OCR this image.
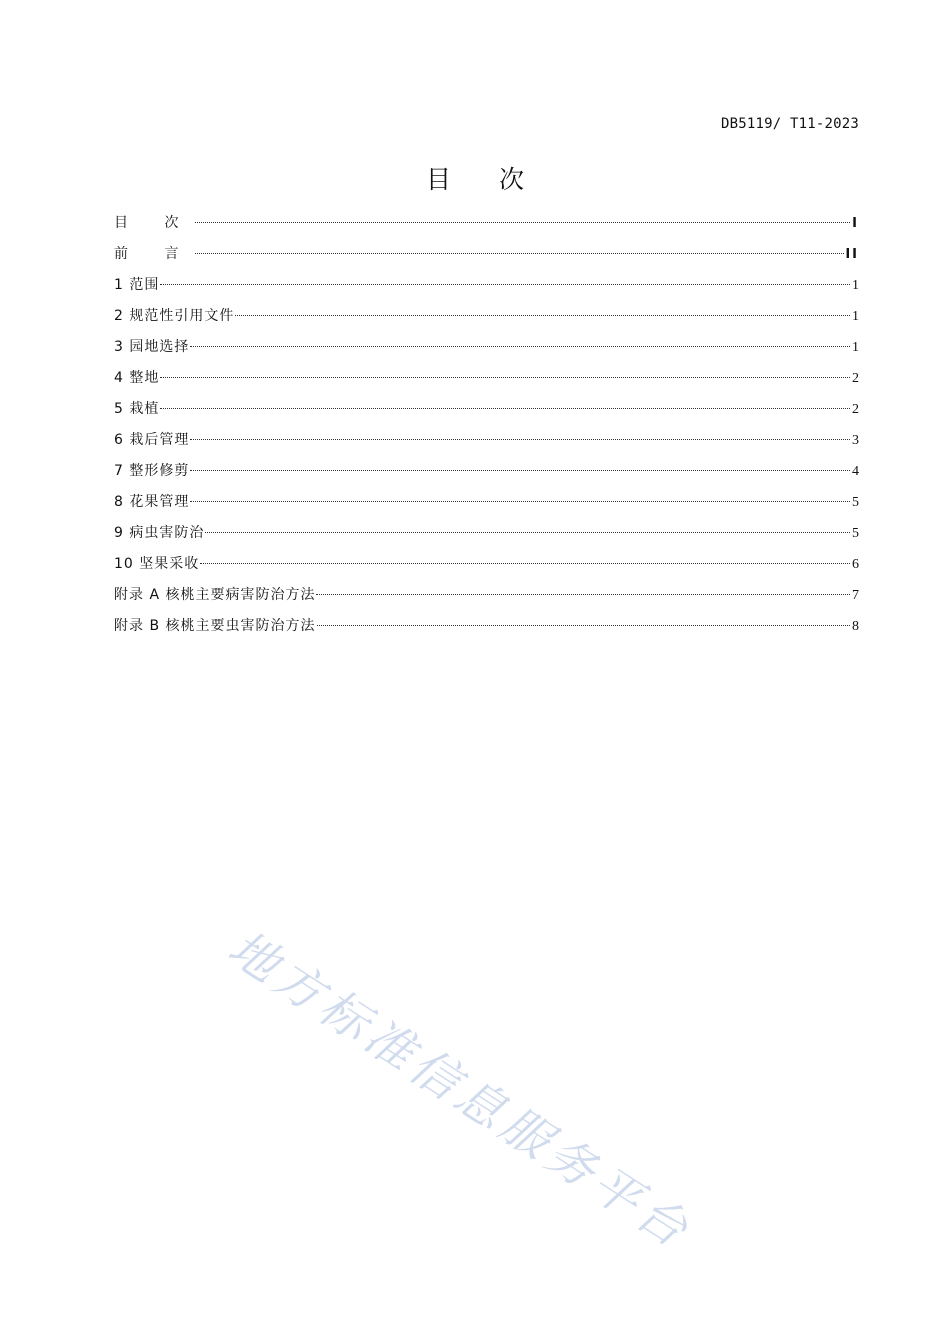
DB5119/ T11-2023
目 次
目 次	I
前 言	II
1 范围	1
2 规范性引用文件	1
3 园地选择	1
4 整地	2
5 栽植	2
6 栽后管理	3
7 整形修剪	4
8 花果管理	5
9 病虫害防治	5
10 坚果采收	6
附录 A 核桃主要病害防治方法	7
附录 B 核桃主要虫害防治方法	8
地方标准信息服务平台
